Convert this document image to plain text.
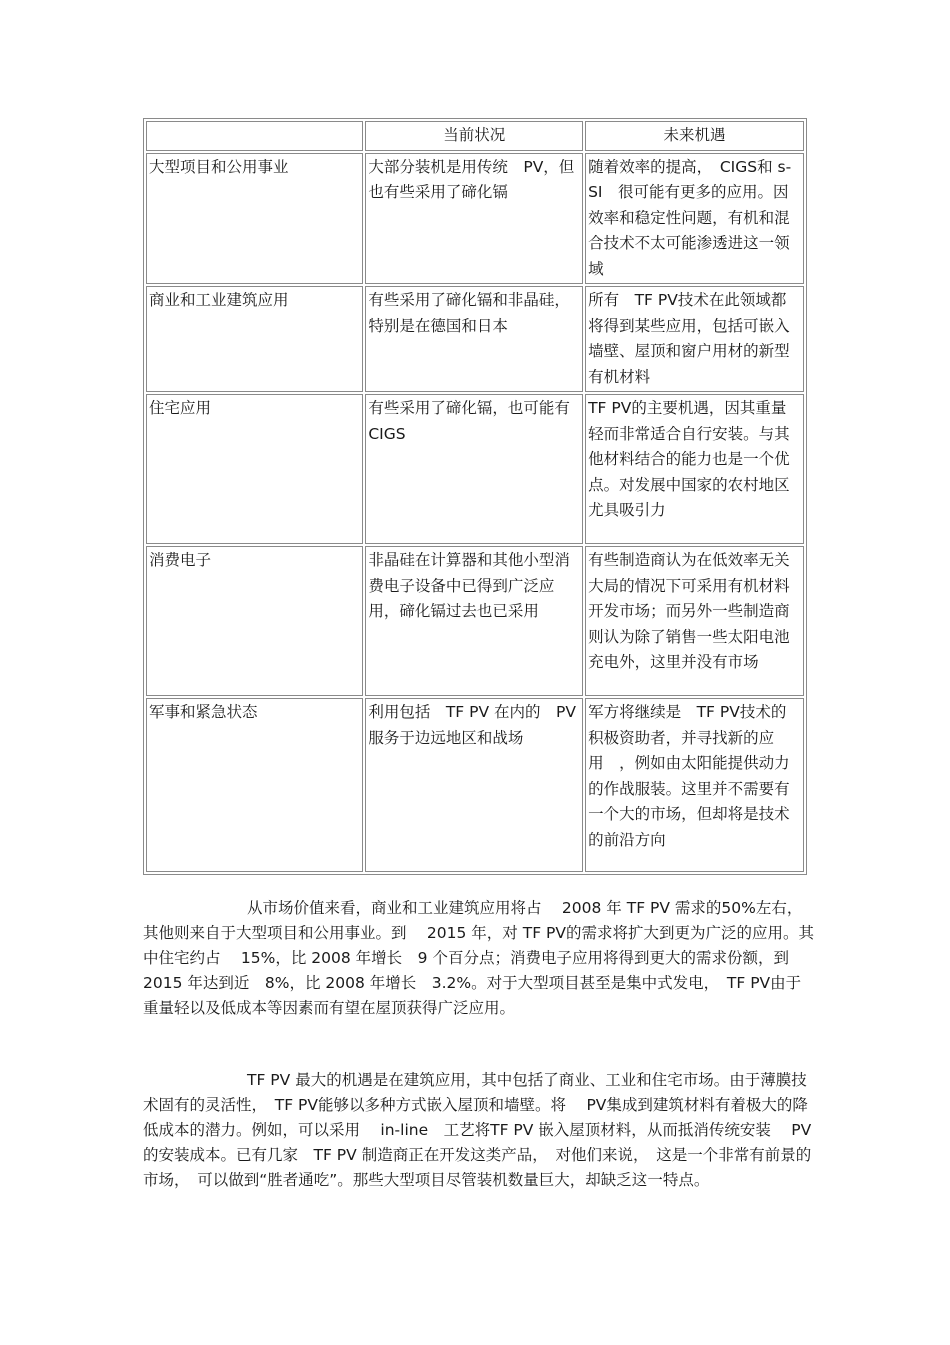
	当前状况	未来机遇
大型项目和公用事业	大部分装机是用传统　PV，但也有些采用了碲化镉	随着效率的提高，　CIGS和 s-SI　很可能有更多的应用。因效率和稳定性问题，有机和混合技术不太可能渗透进这一领域
商业和工业建筑应用	有些采用了碲化镉和非晶硅，特别是在德国和日本	所有　TF PV技术在此领域都将得到某些应用，包括可嵌入墙壁、屋顶和窗户用材的新型有机材料
住宅应用	有些采用了碲化镉，也可能有　CIGS	TF PV的主要机遇，因其重量轻而非常适合自行安装。与其他材料结合的能力也是一个优点。对发展中国家的农村地区尤具吸引力
消费电子	非晶硅在计算器和其他小型消费电子设备中已得到广泛应用，碲化镉过去也已采用	有些制造商认为在低效率无关大局的情况下可采用有机材料开发市场；而另外一些制造商则认为除了销售一些太阳电池充电外，这里并没有市场
军事和紧急状态	利用包括　TF PV 在内的　PV服务于边远地区和战场	军方将继续是　TF PV技术的积极资助者，并寻找新的应用　，例如由太阳能提供动力的作战服装。这里并不需要有一个大的市场，但却将是技术的前沿方向

从市场价值来看，商业和工业建筑应用将占　 2008 年 TF PV 需求的50%左右，其他则来自于大型项目和公用事业。到　 2015 年，对 TF PV的需求将扩大到更为广泛的应用。其中住宅约占　 15%，比 2008 年增长　9 个百分点；消费电子应用将得到更大的需求份额，到　 2015 年达到近　8%，比 2008 年增长　3.2%。对于大型项目甚至是集中式发电，　TF PV由于重量轻以及低成本等因素而有望在屋顶获得广泛应用。

TF PV 最大的机遇是在建筑应用，其中包括了商业、工业和住宅市场。由于薄膜技术固有的灵活性，　TF PV能够以多种方式嵌入屋顶和墙壁。将　 PV集成到建筑材料有着极大的降低成本的潜力。例如，可以采用　 in-line　工艺将TF PV 嵌入屋顶材料，从而抵消传统安装　 PV的安装成本。已有几家　TF PV 制造商正在开发这类产品，　对他们来说，　这是一个非常有前景的市场，　可以做到“胜者通吃”。那些大型项目尽管装机数量巨大，却缺乏这一特点。
